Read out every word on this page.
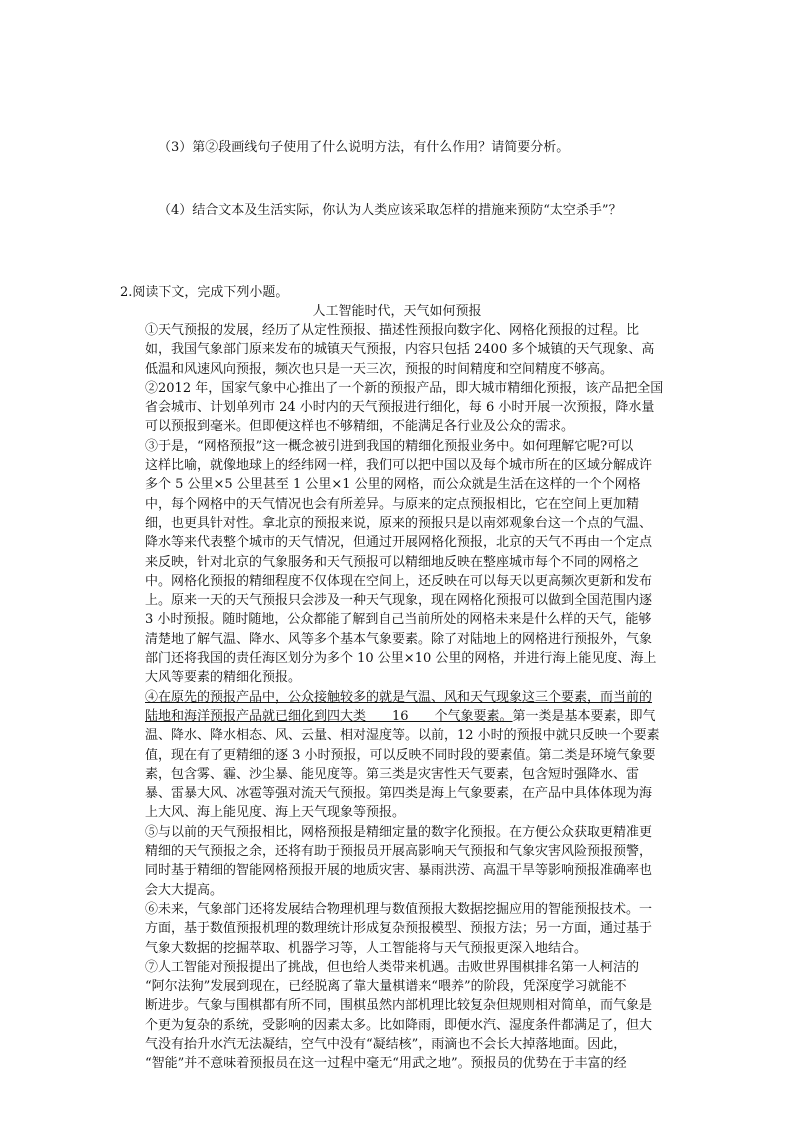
（3）第②段画线句子使用了什么说明方法，有什么作用？请简要分析。
（4）结合文本及生活实际，你认为人类应该采取怎样的措施来预防“太空杀手”？
2.阅读下文，完成下列小题。
人工智能时代，天气如何预报

①天气预报的发展，经历了从定性预报、描述性预报向数字化、网格化预报的过程。比

如，我国气象部门原来发布的城镇天气预报，内容只包括 2400 多个城镇的天气现象、高

低温和风速风向预报，频次也只是一天三次，预报的时间精度和空间精度不够高。

②2012 年，国家气象中心推出了一个新的预报产品，即大城市精细化预报，该产品把全国

省会城市、计划单列市 24 小时内的天气预报进行细化，每 6 小时开展一次预报，降水量

可以预报到毫米。但即便这样也不够精细，不能满足各行业及公众的需求。

③于是，“网格预报”这一概念被引进到我国的精细化预报业务中。如何理解它呢?可以

这样比喻，就像地球上的经纬网一样，我们可以把中国以及每个城市所在的区域分解成许

多个 5 公里×5 公里甚至 1 公里×1 公里的网格，而公众就是生活在这样的一个个网格

中，每个网格中的天气情况也会有所差异。与原来的定点预报相比，它在空间上更加精

细，也更具针对性。拿北京的预报来说，原来的预报只是以南郊观象台这一个点的气温、

降水等来代表整个城市的天气情况，但通过开展网格化预报，北京的天气不再由一个定点

来反映，针对北京的气象服务和天气预报可以精细地反映在整座城市每个不同的网格之

中。网格化预报的精细程度不仅体现在空间上，还反映在可以每天以更高频次更新和发布

上。原来一天的天气预报只会涉及一种天气现象，现在网格化预报可以做到全国范围内逐

3 小时预报。随时随地，公众都能了解到自己当前所处的网格未来是什么样的天气，能够

清楚地了解气温、降水、风等多个基本气象要素。除了对陆地上的网格进行预报外，气象

部门还将我国的责任海区划分为多个 10 公里×10 公里的网格，并进行海上能见度、海上

大风等要素的精细化预报。

④在原先的预报产品中，公众接触较多的就是气温、风和天气现象这三个要素，而当前的

陆地和海洋预报产品就已细化到四大类　　16　　个气象要素。第一类是基本要素，即气

温、降水、降水相态、风、云量、相对湿度等。以前，12 小时的预报中就只反映一个要素

值，现在有了更精细的逐 3 小时预报，可以反映不同时段的要素值。第二类是环境气象要

素，包含雾、霾、沙尘暴、能见度等。第三类是灾害性天气要素，包含短时强降水、雷

暴、雷暴大风、冰雹等强对流天气预报。第四类是海上气象要素，在产品中具体体现为海

上大风、海上能见度、海上天气现象等预报。

⑤与以前的天气预报相比，网格预报是精细定量的数字化预报。在方便公众获取更精准更

精细的天气预报之余，还将有助于预报员开展高影响天气预报和气象灾害风险预报预警，

同时基于精细的智能网格预报开展的地质灾害、暴雨洪涝、高温干旱等影响预报准确率也

会大大提高。

⑥未来，气象部门还将发展结合物理机理与数值预报大数据挖掘应用的智能预报技术。一

方面，基于数值预报机理的数理统计形成复杂预报模型、预报方法；另一方面，通过基于

气象大数据的挖掘萃取、机器学习等，人工智能将与天气预报更深入地结合。

⑦人工智能对预报提出了挑战，但也给人类带来机遇。击败世界围棋排名第一人柯洁的

“阿尔法狗”发展到现在，已经脱离了靠大量棋谱来“喂养”的阶段，凭深度学习就能不

断进步。气象与围棋都有所不同，围棋虽然内部机理比较复杂但规则相对简单，而气象是

个更为复杂的系统，受影响的因素太多。比如降雨，即便水汽、湿度条件都满足了，但大

气没有抬升水汽无法凝结，空气中没有“凝结核”，雨滴也不会长大掉落地面。因此，

“智能”并不意味着预报员在这一过程中毫无“用武之地”。预报员的优势在于丰富的经
